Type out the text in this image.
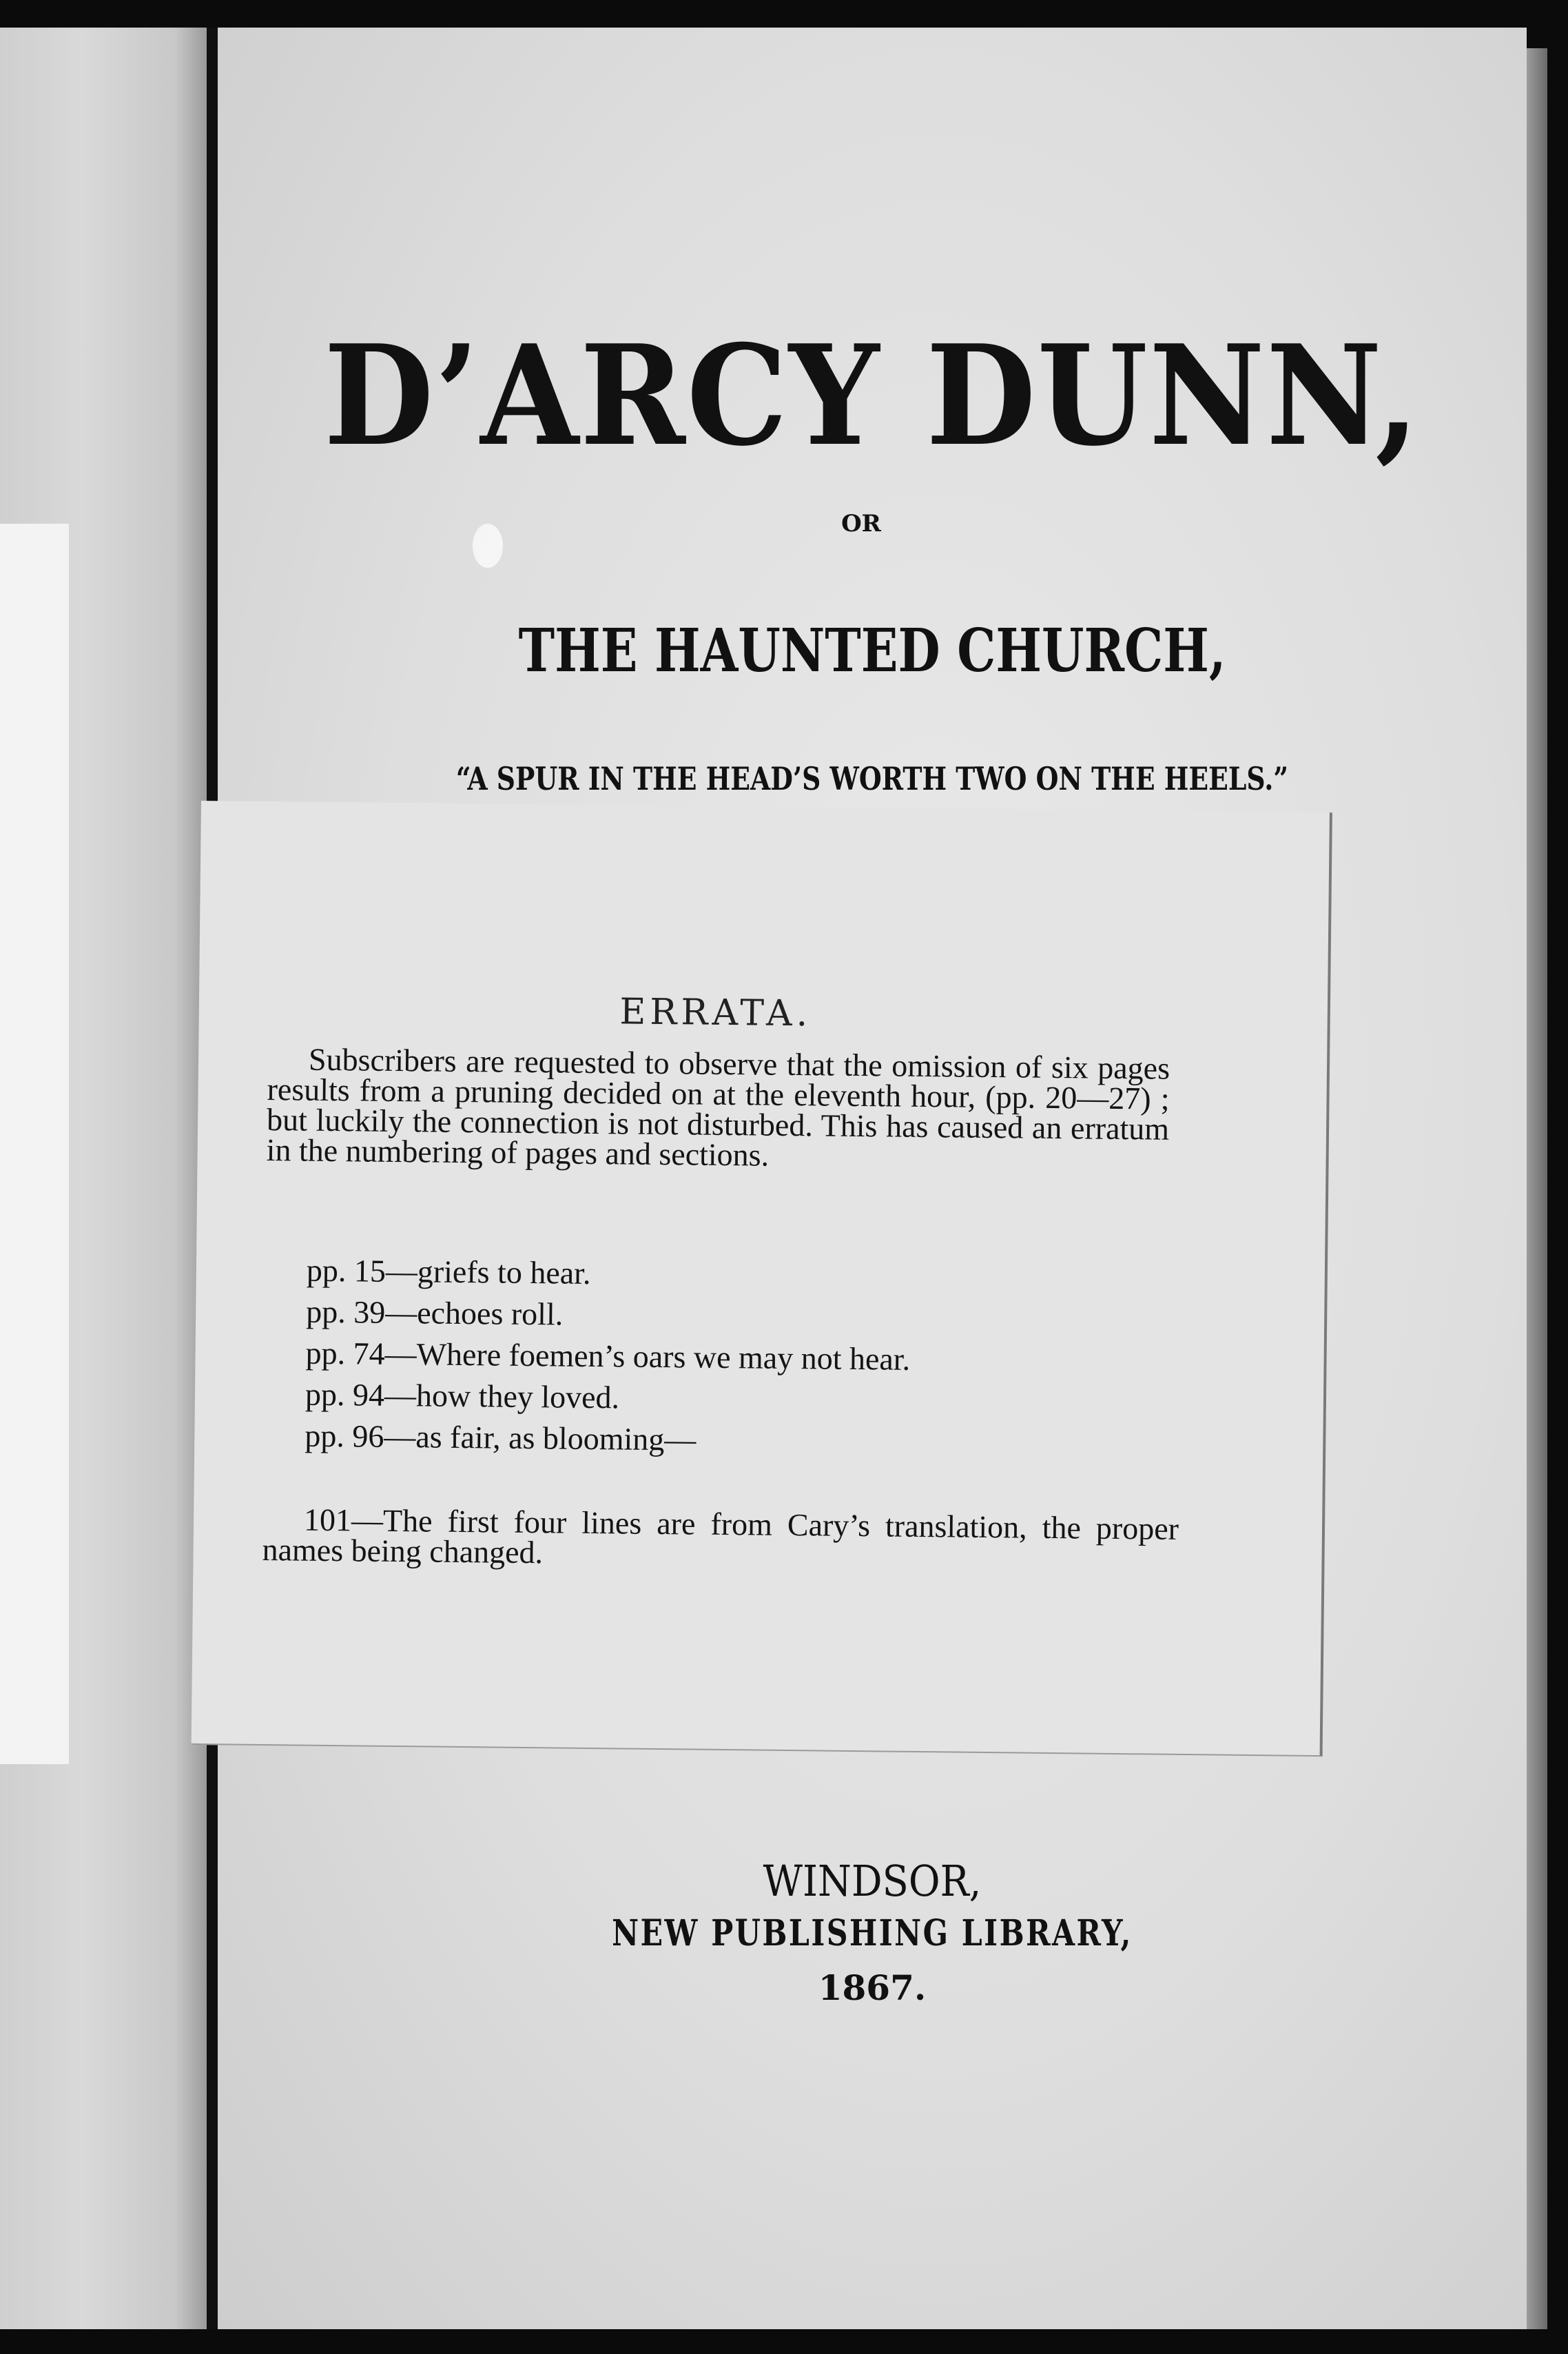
D’ARCY DUNN,
OR
THE HAUNTED CHURCH,
“A SPUR IN THE HEAD’S WORTH TWO ON THE HEELS.”
ERRATA.

Subscribers are requested to observe that the omission of six pages results from a pruning decided on at the eleventh hour, (pp. 20—27) ; but luckily the connection is not disturbed. This has caused an erratum in the numbering of pages and sections.

pp. 15—griefs to hear.
pp. 39—echoes roll.
pp. 74—Where foemen’s oars we may not hear.
pp. 94—how they loved.
pp. 96—as fair, as blooming—

101—The first four lines are from Cary’s translation, the proper names being changed.

WINDSOR,
NEW PUBLISHING LIBRARY,
1867.
